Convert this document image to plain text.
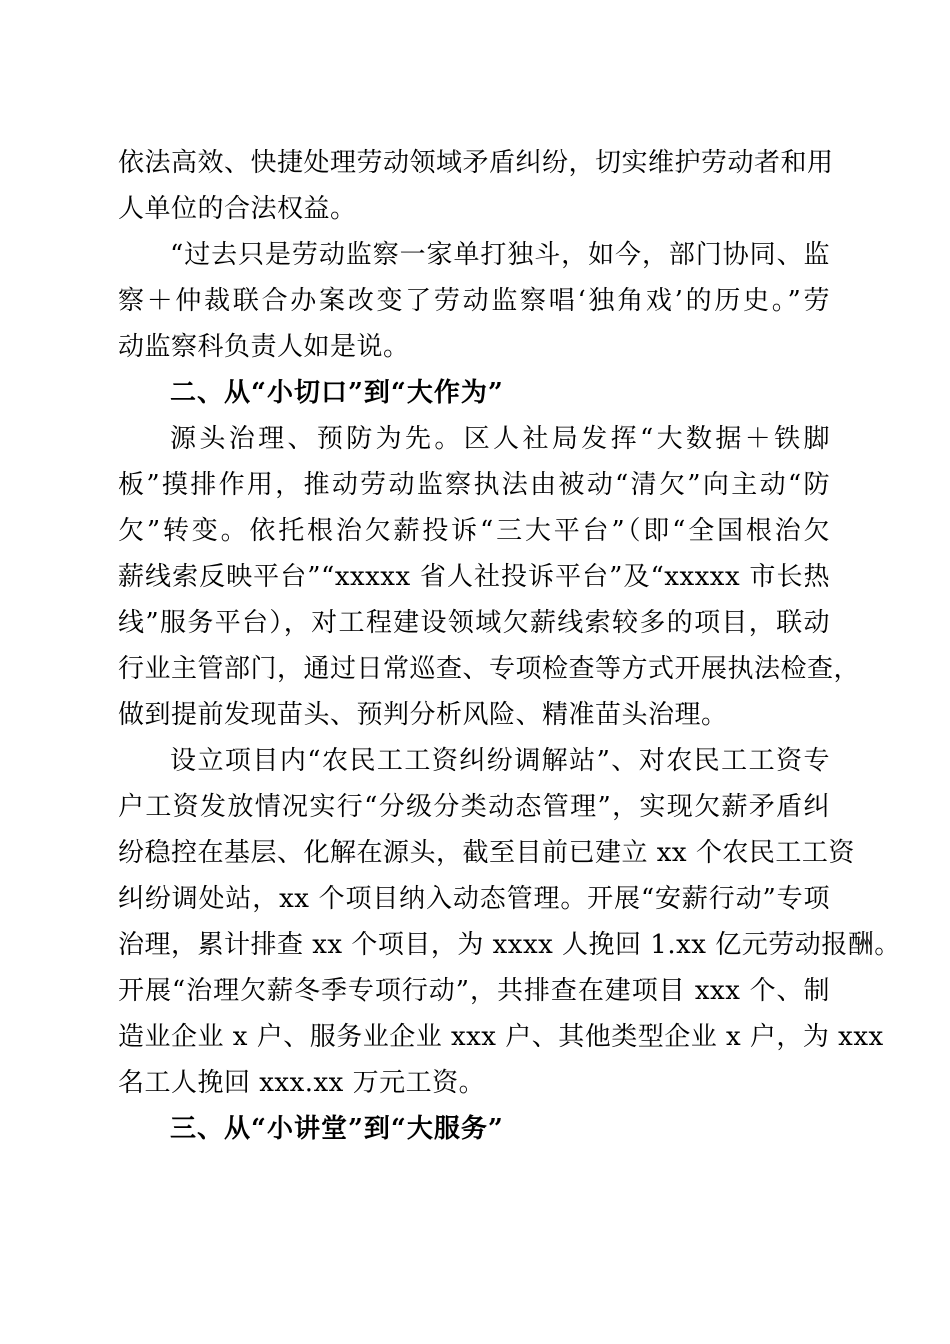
依法高效、快捷处理劳动领域矛盾纠纷，切实维护劳动者和用
人单位的合法权益。
“过去只是劳动监察一家单打独斗，如今，部门协同、监
察＋仲裁联合办案改变了劳动监察唱‘独角戏’的历史。”劳
动监察科负责人如是说。
二、从“小切口”到“大作为”
源头治理、预防为先。区人社局发挥“大数据＋铁脚
板”摸排作用，推动劳动监察执法由被动“清欠”向主动“防
欠”转变。依托根治欠薪投诉“三大平台”（即“全国根治欠
薪线索反映平台”“xxxxx 省人社投诉平台”及“xxxxx 市长热
线”服务平台），对工程建设领域欠薪线索较多的项目，联动
行业主管部门，通过日常巡查、专项检查等方式开展执法检查，
做到提前发现苗头、预判分析风险、精准苗头治理。
设立项目内“农民工工资纠纷调解站”、对农民工工资专
户工资发放情况实行“分级分类动态管理”，实现欠薪矛盾纠
纷稳控在基层、化解在源头，截至目前已建立 xx 个农民工工资
纠纷调处站，xx 个项目纳入动态管理。开展“安薪行动”专项
治理，累计排查 xx 个项目，为 xxxx 人挽回 1.xx 亿元劳动报酬。
开展“治理欠薪冬季专项行动”，共排查在建项目 xxx 个、制
造业企业 x 户、服务业企业 xxx 户、其他类型企业 x 户，为 xxx
名工人挽回 xxx.xx 万元工资。
三、从“小讲堂”到“大服务”
